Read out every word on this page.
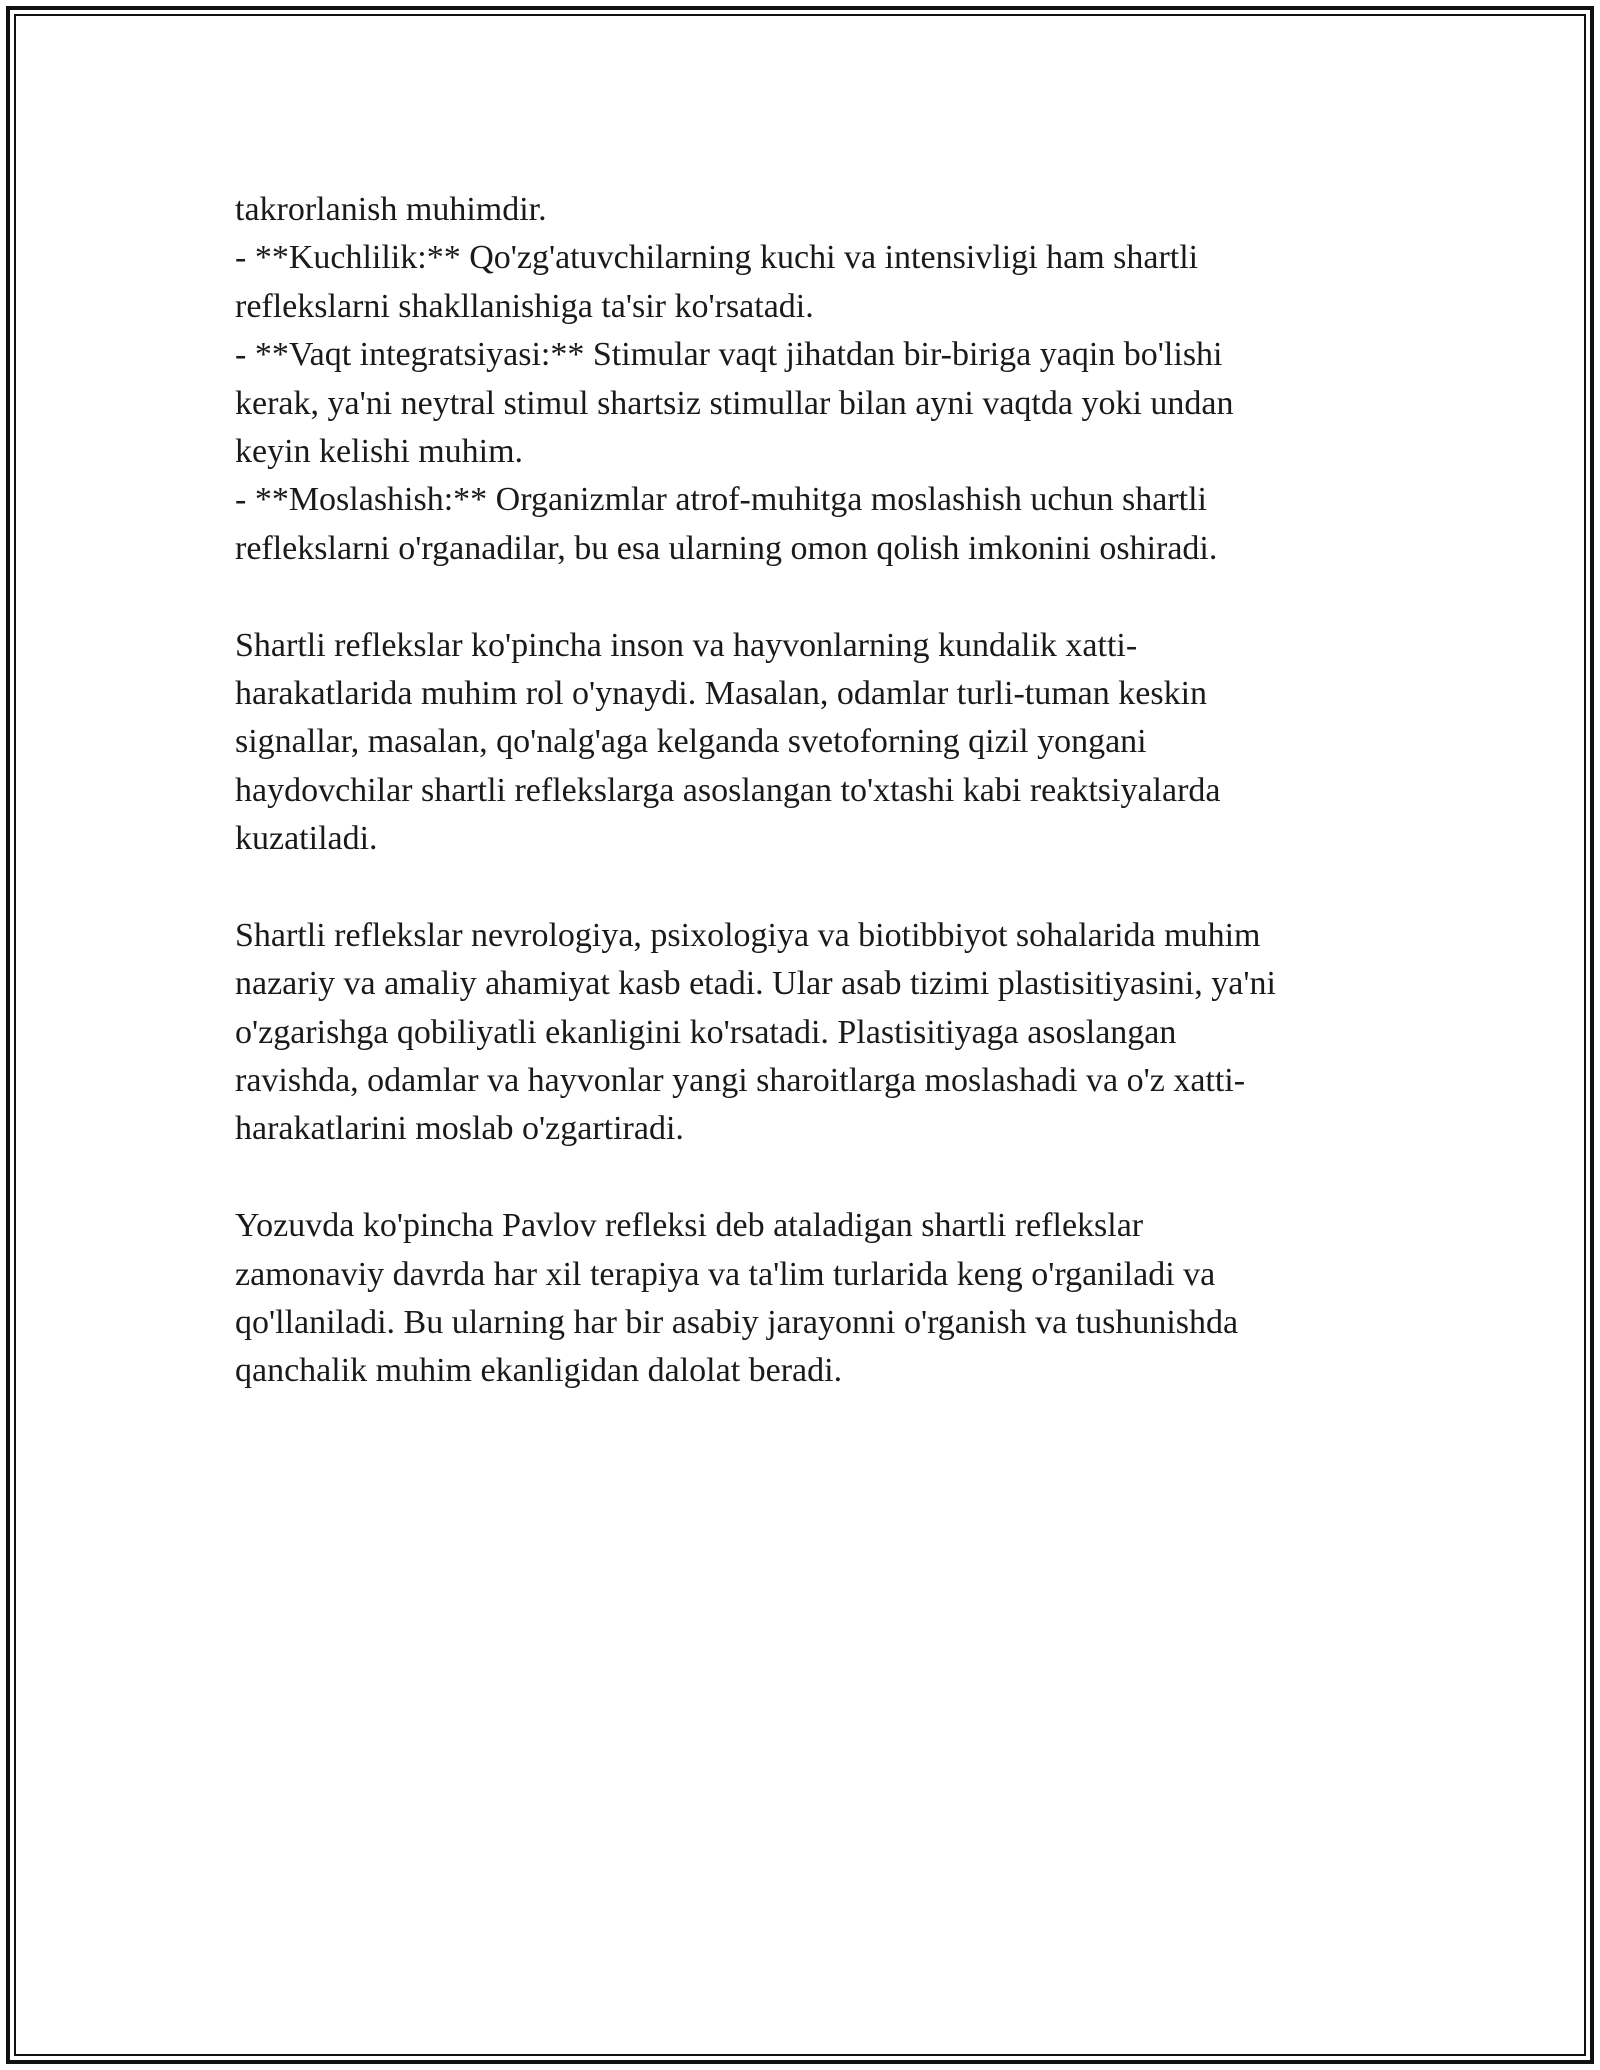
takrorlanish muhimdir.
- **Kuchlilik:** Qo'zg'atuvchilarning kuchi va intensivligi ham shartli
reflekslarni shakllanishiga ta'sir ko'rsatadi.
- **Vaqt integratsiyasi:** Stimular vaqt jihatdan bir-biriga yaqin bo'lishi
kerak, ya'ni neytral stimul shartsiz stimullar bilan ayni vaqtda yoki undan
keyin kelishi muhim.
- **Moslashish:** Organizmlar atrof-muhitga moslashish uchun shartli
reflekslarni o'rganadilar, bu esa ularning omon qolish imkonini oshiradi.
Shartli reflekslar ko'pincha inson va hayvonlarning kundalik xatti-
harakatlarida muhim rol o'ynaydi. Masalan, odamlar turli-tuman keskin
signallar, masalan, qo'nalg'aga kelganda svetoforning qizil yongani
haydovchilar shartli reflekslarga asoslangan to'xtashi kabi reaktsiyalarda
kuzatiladi.
Shartli reflekslar nevrologiya, psixologiya va biotibbiyot sohalarida muhim
nazariy va amaliy ahamiyat kasb etadi. Ular asab tizimi plastisitiyasini, ya'ni
o'zgarishga qobiliyatli ekanligini ko'rsatadi. Plastisitiyaga asoslangan
ravishda, odamlar va hayvonlar yangi sharoitlarga moslashadi va o'z xatti-
harakatlarini moslab o'zgartiradi.
Yozuvda ko'pincha Pavlov refleksi deb ataladigan shartli reflekslar
zamonaviy davrda har xil terapiya va ta'lim turlarida keng o'rganiladi va
qo'llaniladi. Bu ularning har bir asabiy jarayonni o'rganish va tushunishda
qanchalik muhim ekanligidan dalolat beradi.
